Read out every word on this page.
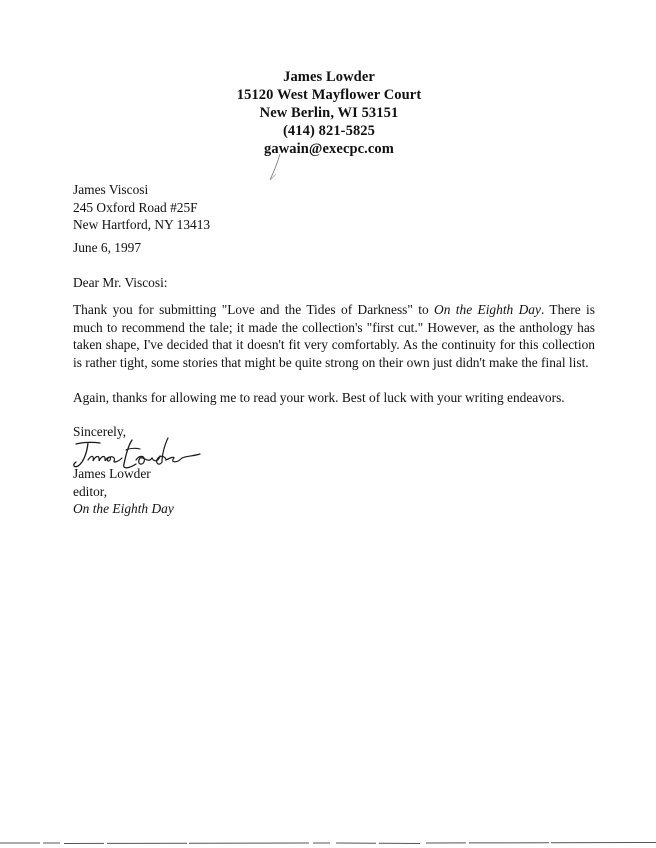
James Lowder
15120 West Mayflower Court
New Berlin, WI 53151
(414) 821-5825
gawain@execpc.com
James Viscosi
245 Oxford Road #25F
New Hartford, NY 13413
June 6, 1997
Dear Mr. Viscosi:
Thank you for submitting "Love and the Tides of Darkness" to On the Eighth Day. There is much to recommend the tale; it made the collection's "first cut." However, as the anthology has taken shape, I've decided that it doesn't fit very comfortably. As the continuity for this collection is rather tight, some stories that might be quite strong on their own just didn't make the final list.
Again, thanks for allowing me to read your work. Best of luck with your writing endeavors.
Sincerely,
James Lowder
editor,
On the Eighth Day
